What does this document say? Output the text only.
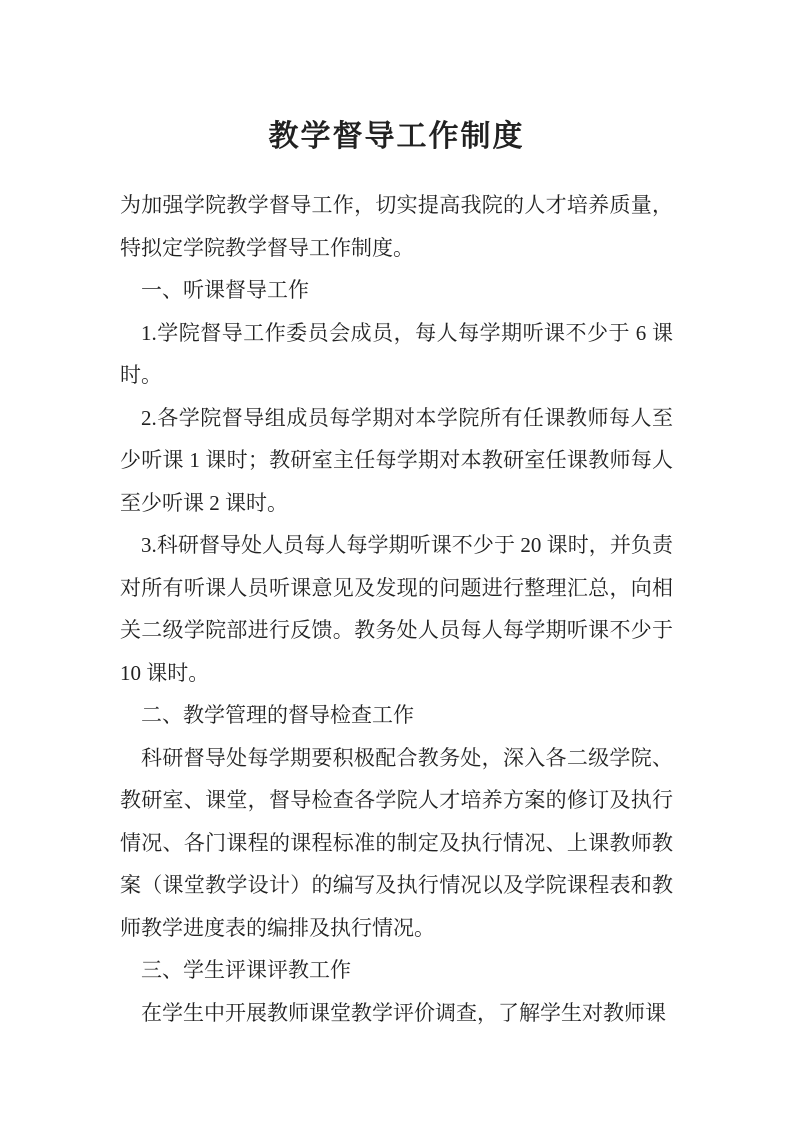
教学督导工作制度

为加强学院教学督导工作，切实提高我院的人才培养质量，特拟定学院教学督导工作制度。

一、听课督导工作

1.学院督导工作委员会成员，每人每学期听课不少于 6 课时。

2.各学院督导组成员每学期对本学院所有任课教师每人至少听课 1 课时；教研室主任每学期对本教研室任课教师每人至少听课 2 课时。

3.科研督导处人员每人每学期听课不少于 20 课时，并负责对所有听课人员听课意见及发现的问题进行整理汇总，向相关二级学院部进行反馈。教务处人员每人每学期听课不少于 10 课时。

二、教学管理的督导检查工作

科研督导处每学期要积极配合教务处，深入各二级学院、教研室、课堂，督导检查各学院人才培养方案的修订及执行情况、各门课程的课程标准的制定及执行情况、上课教师教案（课堂教学设计）的编写及执行情况以及学院课程表和教师教学进度表的编排及执行情况。

三、学生评课评教工作

在学生中开展教师课堂教学评价调查，了解学生对教师课
